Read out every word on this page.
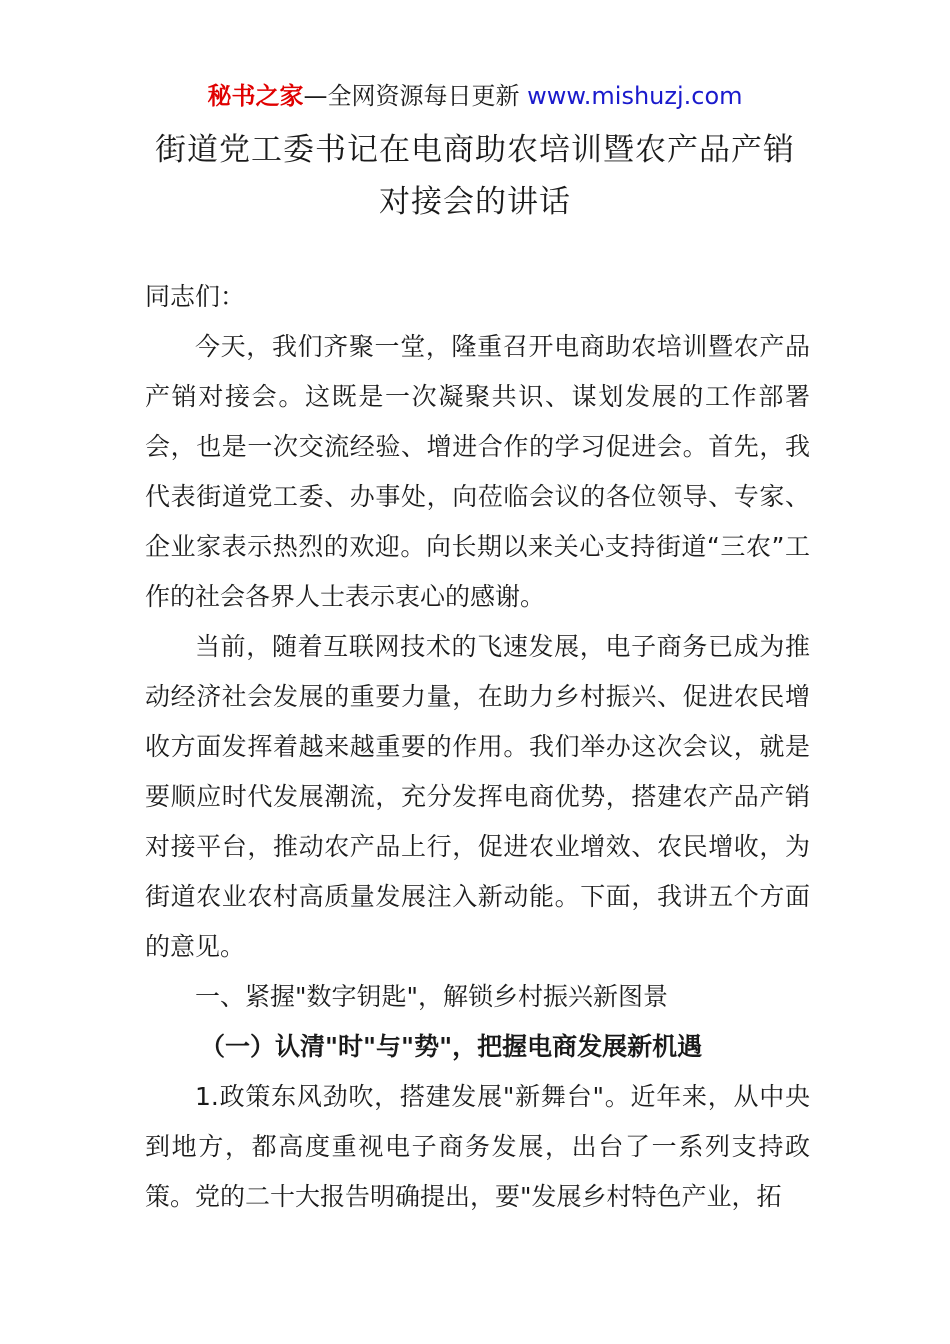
秘书之家—全网资源每日更新 www.mishuzj.com
街道党工委书记在电商助农培训暨农产品产销
对接会的讲话

同志们：

今天，我们齐聚一堂，隆重召开电商助农培训暨农产品产销对接会。这既是一次凝聚共识、谋划发展的工作部署会，也是一次交流经验、增进合作的学习促进会。首先，我代表街道党工委、办事处，向莅临会议的各位领导、专家、企业家表示热烈的欢迎。向长期以来关心支持街道“三农”工作的社会各界人士表示衷心的感谢。

当前，随着互联网技术的飞速发展，电子商务已成为推动经济社会发展的重要力量，在助力乡村振兴、促进农民增收方面发挥着越来越重要的作用。我们举办这次会议，就是要顺应时代发展潮流，充分发挥电商优势，搭建农产品产销对接平台，推动农产品上行，促进农业增效、农民增收，为街道农业农村高质量发展注入新动能。下面，我讲五个方面的意见。

一、紧握"数字钥匙"，解锁乡村振兴新图景

（一）认清"时"与"势"，把握电商发展新机遇

1.政策东风劲吹，搭建发展"新舞台"。近年来，从中央到地方，都高度重视电子商务发展，出台了一系列支持政策。党的二十大报告明确提出，要"发展乡村特色产业，拓
